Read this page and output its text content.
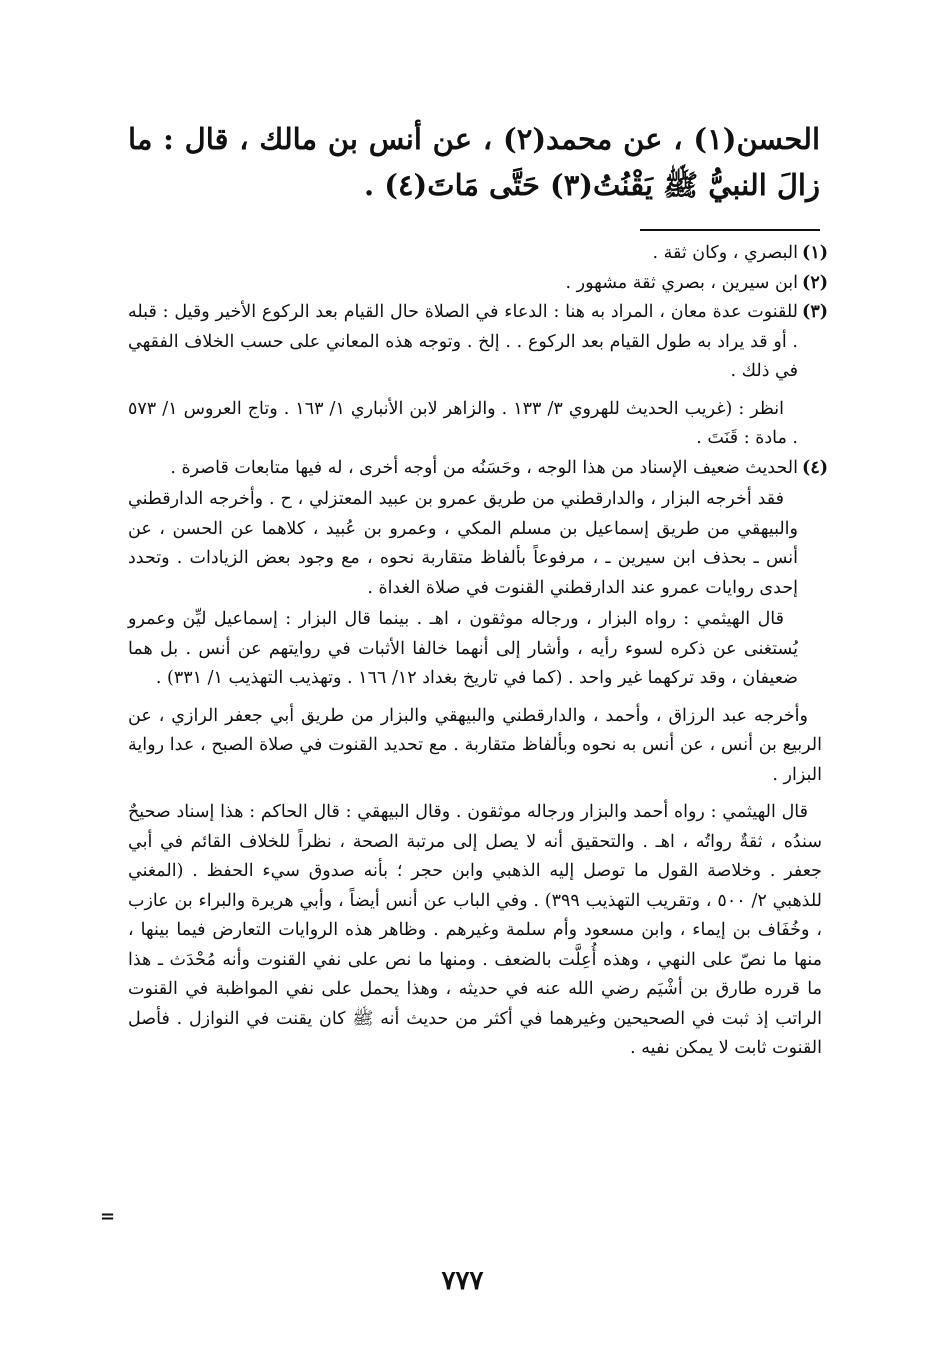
الحسن(١) ، عن محمد(٢) ، عن أنس بن مالك ، قال : ما زالَ النبيُّ ﷺ يَقْنُتُ(٣) حَتَّى مَاتَ(٤) .
(١)
البصري ، وكان ثقة .
(٢)
ابن سيرين ، بصري ثقة مشهور .
(٣)
للقنوت عدة معان ، المراد به هنا : الدعاء في الصلاة حال القيام بعد الركوع الأخير وقيل : قبله . أو قد يراد به طول القيام بعد الركوع . . إلخ . وتوجه هذه المعاني على حسب الخلاف الفقهي في ذلك .
انظر : (غريب الحديث للهروي ٣/ ١٣٣ . والزاهر لابن الأنباري ١/ ١٦٣ . وتاج العروس ١/ ٥٧٣ . مادة : قَنَتَ .
(٤)
الحديث ضعيف الإسناد من هذا الوجه ، وحَسَنُه من أوجه أخرى ، له فيها متابعات قاصرة .
فقد أخرجه البزار ، والدارقطني من طريق عمرو بن عبيد المعتزلي ، ح . وأخرجه الدارقطني والبيهقي من طريق إسماعيل بن مسلم المكي ، وعمرو بن عُبيد ، كلاهما عن الحسن ، عن أنس ـ بحذف ابن سيرين ـ ، مرفوعاً بألفاظ متقاربة نحوه ، مع وجود بعض الزيادات . وتحدد إحدى روايات عمرو عند الدارقطني القنوت في صلاة الغداة .
قال الهيثمي : رواه البزار ، ورجاله موثقون ، اهـ . بينما قال البزار : إسماعيل ليِّن وعمرو يُستغنى عن ذكره لسوء رأيه ، وأشار إلى أنهما خالفا الأثبات في روايتهم عن أنس . بل هما ضعيفان ، وقد تركهما غير واحد . (كما في تاريخ بغداد ١٢/ ١٦٦ . وتهذيب التهذيب ١/ ٣٣١) .
وأخرجه عبد الرزاق ، وأحمد ، والدارقطني والبيهقي والبزار من طريق أبي جعفر الرازي ، عن الربيع بن أنس ، عن أنس به نحوه وبألفاظ متقاربة . مع تحديد القنوت في صلاة الصبح ، عدا رواية البزار .
قال الهيثمي : رواه أحمد والبزار ورجاله موثقون . وقال البيهقي : قال الحاكم : هذا إسناد صحيحٌ سندُه ، ثقةٌ رواتُه ، اهـ . والتحقيق أنه لا يصل إلى مرتبة الصحة ، نظراً للخلاف القائم في أبي جعفر . وخلاصة القول ما توصل إليه الذهبي وابن حجر ؛ بأنه صدوق سيء الحفظ . (المغني للذهبي ٢/ ٥٠٠ ، وتقريب التهذيب ٣٩٩) . وفي الباب عن أنس أيضاً ، وأبي هريرة والبراء بن عازب ، وخُفَاف بن إيماء ، وابن مسعود وأم سلمة وغيرهم . وظاهر هذه الروايات التعارض فيما بينها ، منها ما نصّ على النهي ، وهذه أُعِلَّت بالضعف . ومنها ما نص على نفي القنوت وأنه مُحْدَث ـ هذا ما قرره طارق بن أشْيَم رضي الله عنه في حديثه ، وهذا يحمل على نفي المواظبة في القنوت الراتب إذ ثبت في الصحيحين وغيرهما في أكثر من حديث أنه ﷺ كان يقنت في النوازل . فأصل القنوت ثابت لا يمكن نفيه .
=
٧٧٧
